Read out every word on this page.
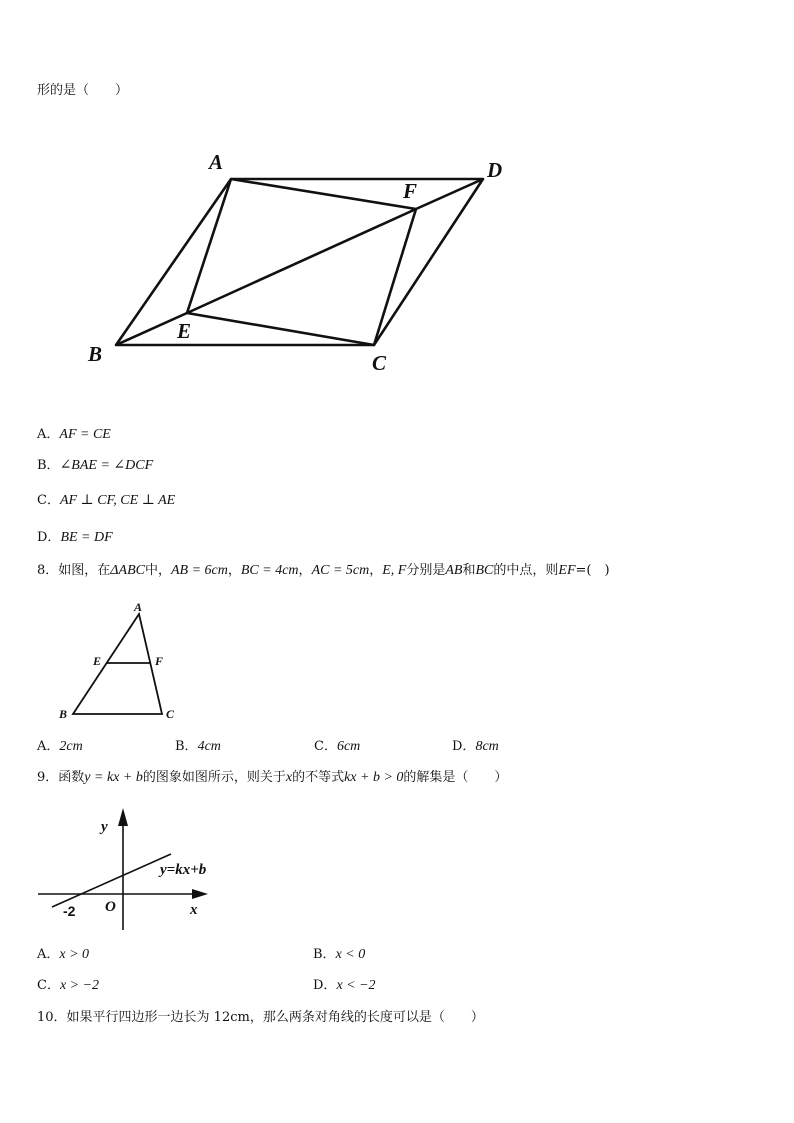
形的是（　　）
A	D
F
E
B	C
A．AF = CE
B．∠BAE = ∠DCF
C．AF ⊥ CF, CE ⊥ AE
D．BE = DF
8．如图，在ΔABC中，AB = 6cm，BC = 4cm，AC = 5cm，E, F分别是AB和BC的中点，则EF=(　)
A
E	F
B	C
A．2cm	B．4cm	C．6cm	D．8cm
9．函数y = kx + b的图象如图所示，则关于x的不等式kx + b > 0的解集是（　　）
y
x
O
y=kx+b
-2
A．x > 0	B．x < 0
C．x > −2	D．x < −2
10．如果平行四边形一边长为 12cm，那么两条对角线的长度可以是（　　）
